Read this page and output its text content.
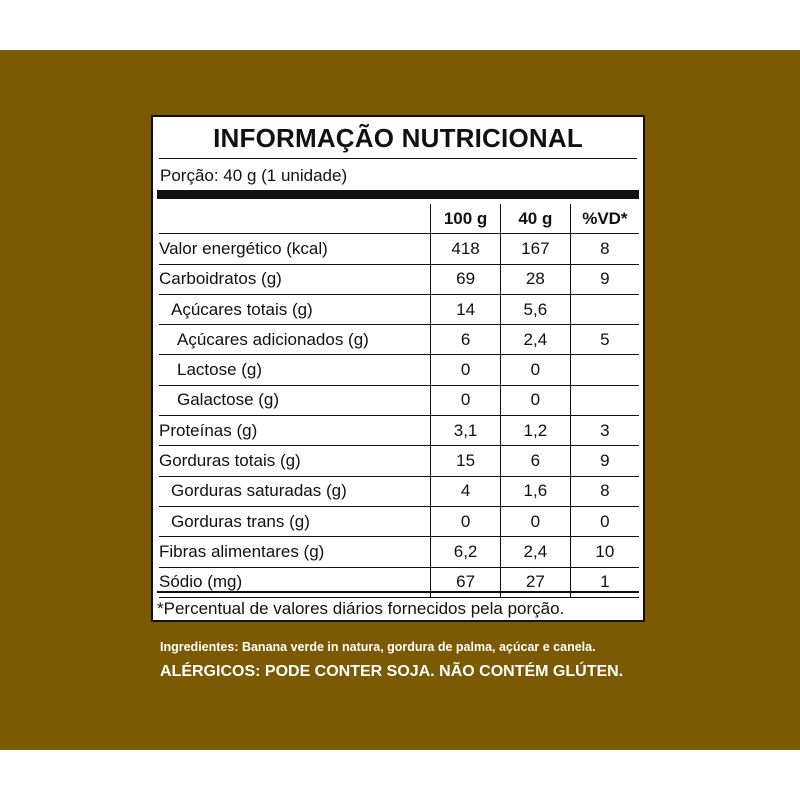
INFORMAÇÃO NUTRICIONAL
Porção: 40 g (1 unidade)
	100 g	40 g	%VD*
Valor energético (kcal)	418	167	8
Carboidratos (g)	69	28	9
Açúcares totais (g)	14	5,6	
Açúcares adicionados (g)	6	2,4	5
Lactose (g)	0	0	
Galactose (g)	0	0	
Proteínas (g)	3,1	1,2	3
Gorduras totais (g)	15	6	9
Gorduras saturadas (g)	4	1,6	8
Gorduras trans (g)	0	0	0
Fibras alimentares (g)	6,2	2,4	10
Sódio (mg)	67	27	1
*Percentual de valores diários fornecidos pela porção.
Ingredientes: Banana verde in natura, gordura de palma, açúcar e canela.
ALÉRGICOS: PODE CONTER SOJA. NÃO CONTÉM GLÚTEN.
